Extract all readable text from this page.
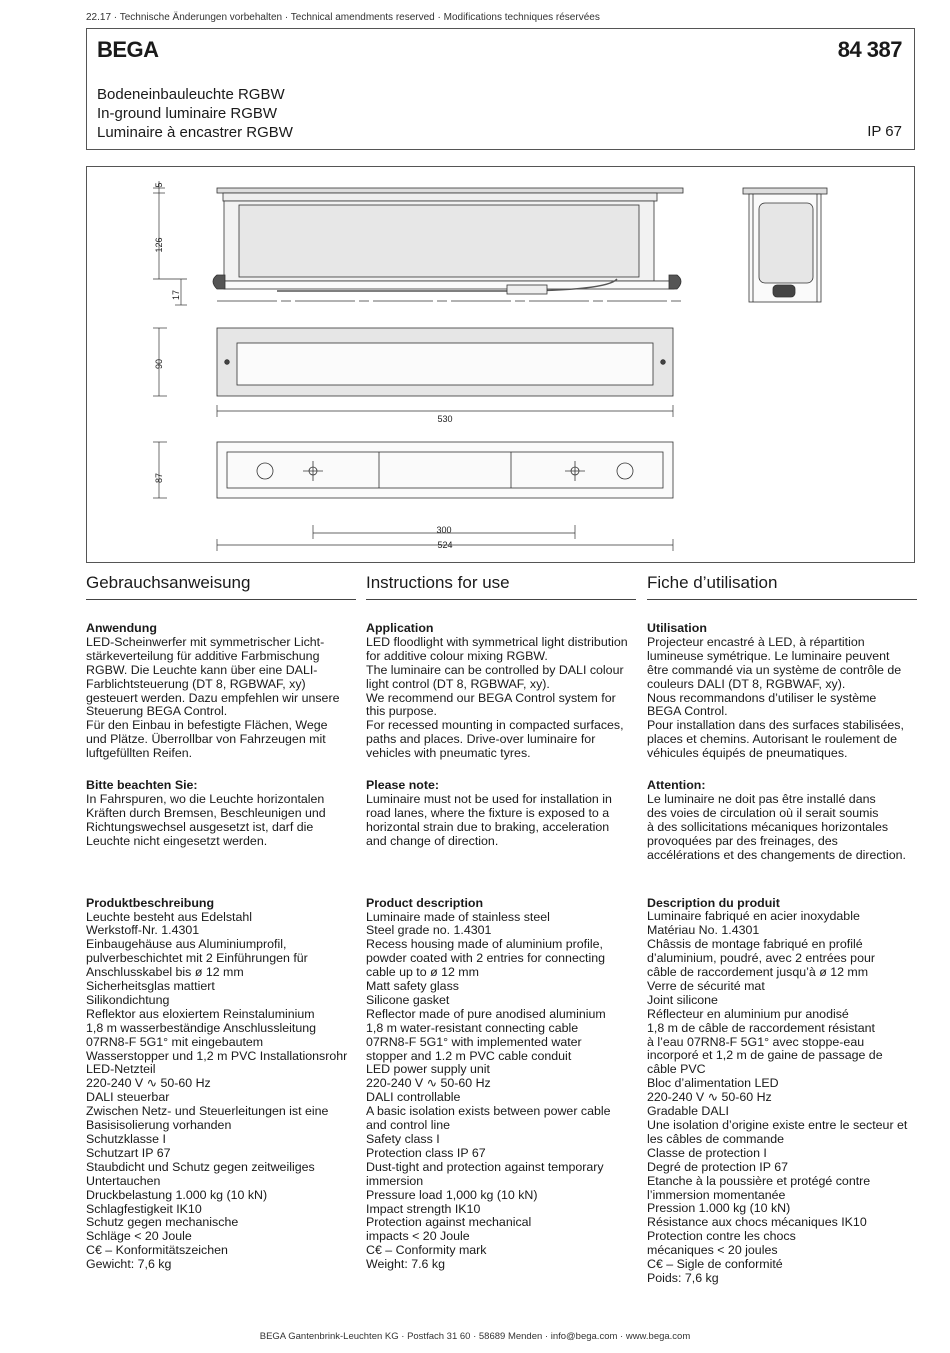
22.17 · Technische Änderungen vorbehalten · Technical amendments reserved · Modifications techniques réservées
BEGA	84 387
Bodeneinbauleuchte RGBW
In-ground luminaire RGBW
Luminaire à encastrer RGBW	IP 67
5
126
17
90
530
87
300
524
Gebrauchsanweisung
Anwendung
LED-Scheinwerfer mit symmetrischer Licht-
stärkeverteilung für additive Farbmischung
RGBW. Die Leuchte kann über eine DALI-
Farblichtsteuerung (DT 8, RGBWAF, xy)
gesteuert werden. Dazu empfehlen wir unsere
Steuerung BEGA Control.
Für den Einbau in befestigte Flächen, Wege
und Plätze. Überrollbar von Fahrzeugen mit
luftgefüllten Reifen.
Bitte beachten Sie:
In Fahrspuren, wo die Leuchte horizontalen
Kräften durch Bremsen, Beschleunigen und
Richtungswechsel ausgesetzt ist, darf die
Leuchte nicht eingesetzt werden.
Produktbeschreibung
Leuchte besteht aus Edelstahl
Werkstoff-Nr. 1.4301
Einbaugehäuse aus Aluminiumprofil,
pulverbeschichtet mit 2 Einführungen für
Anschlusskabel bis ø 12 mm
Sicherheitsglas mattiert
Silikondichtung
Reflektor aus eloxiertem Reinstaluminium
1,8 m wasserbeständige Anschlussleitung
07RN8-F 5G1° mit eingebautem
Wasserstopper und 1,2 m PVC Installationsrohr
LED-Netzteil
220-240 V ∿ 50-60 Hz
DALI steuerbar
Zwischen Netz- und Steuerleitungen ist eine
Basisisolierung vorhanden
Schutzklasse I
Schutzart IP 67
Staubdicht und Schutz gegen zeitweiliges
Untertauchen
Druckbelastung 1.000 kg (10 kN)
Schlagfestigkeit IK10
Schutz gegen mechanische
Schläge < 20 Joule
C€ – Konformitätszeichen
Gewicht: 7,6 kg
Instructions for use
Application
LED floodlight with symmetrical light distribution
for additive colour mixing RGBW.
The luminaire can be controlled by DALI colour
light control (DT 8, RGBWAF, xy).
We recommend our BEGA Control system for
this purpose.
For recessed mounting in compacted surfaces,
paths and places. Drive-over luminaire for
vehicles with pneumatic tyres.
Please note:
Luminaire must not be used for installation in
road lanes, where the fixture is exposed to a
horizontal strain due to braking, acceleration
and change of direction.
Product description
Luminaire made of stainless steel
Steel grade no. 1.4301
Recess housing made of aluminium profile,
powder coated with 2 entries for connecting
cable up to ø 12 mm
Matt safety glass
Silicone gasket
Reflector made of pure anodised aluminium
1,8 m water-resistant connecting cable
07RN8-F 5G1° with implemented water
stopper and 1.2 m PVC cable conduit
LED power supply unit
220-240 V ∿ 50-60 Hz
DALI controllable
A basic isolation exists between power cable
and control line
Safety class I
Protection class IP 67
Dust-tight and protection against temporary
immersion
Pressure load 1,000 kg (10 kN)
Impact strength IK10
Protection against mechanical
impacts < 20 Joule
C€ – Conformity mark
Weight: 7.6 kg
Fiche d’utilisation
Utilisation
Projecteur encastré à LED, à répartition
lumineuse symétrique. Le luminaire peuvent
être commandé via un système de contrôle de
couleurs DALI (DT 8, RGBWAF, xy).
Nous recommandons d’utiliser le système
BEGA Control.
Pour installation dans des surfaces stabilisées,
places et chemins. Autorisant le roulement de
véhicules équipés de pneumatiques.
Attention:
Le luminaire ne doit pas être installé dans
des voies de circulation où il serait soumis
à des sollicitations mécaniques horizontales
provoquées par des freinages, des
accélérations et des changements de direction.
Description du produit
Luminaire fabriqué en acier inoxydable
Matériau No. 1.4301
Châssis de montage fabriqué en profilé
d’aluminium, poudré, avec 2 entrées pour
câble de raccordement jusqu’à ø 12 mm
Verre de sécurité mat
Joint silicone
Réflecteur en aluminium pur anodisé
1,8 m de câble de raccordement résistant
à l’eau 07RN8-F 5G1° avec stoppe-eau
incorporé et 1,2 m de gaine de passage de
câble PVC
Bloc d’alimentation LED
220-240 V ∿ 50-60 Hz
Gradable DALI
Une isolation d’origine existe entre le secteur et
les câbles de commande
Classe de protection I
Degré de protection IP 67
Etanche à la poussière et protégé contre
l’immersion momentanée
Pression 1.000 kg (10 kN)
Résistance aux chocs mécaniques IK10
Protection contre les chocs
mécaniques < 20 joules
C€ – Sigle de conformité
Poids: 7,6 kg
BEGA Gantenbrink-Leuchten KG · Postfach 31 60 · 58689 Menden · info@bega.com · www.bega.com
